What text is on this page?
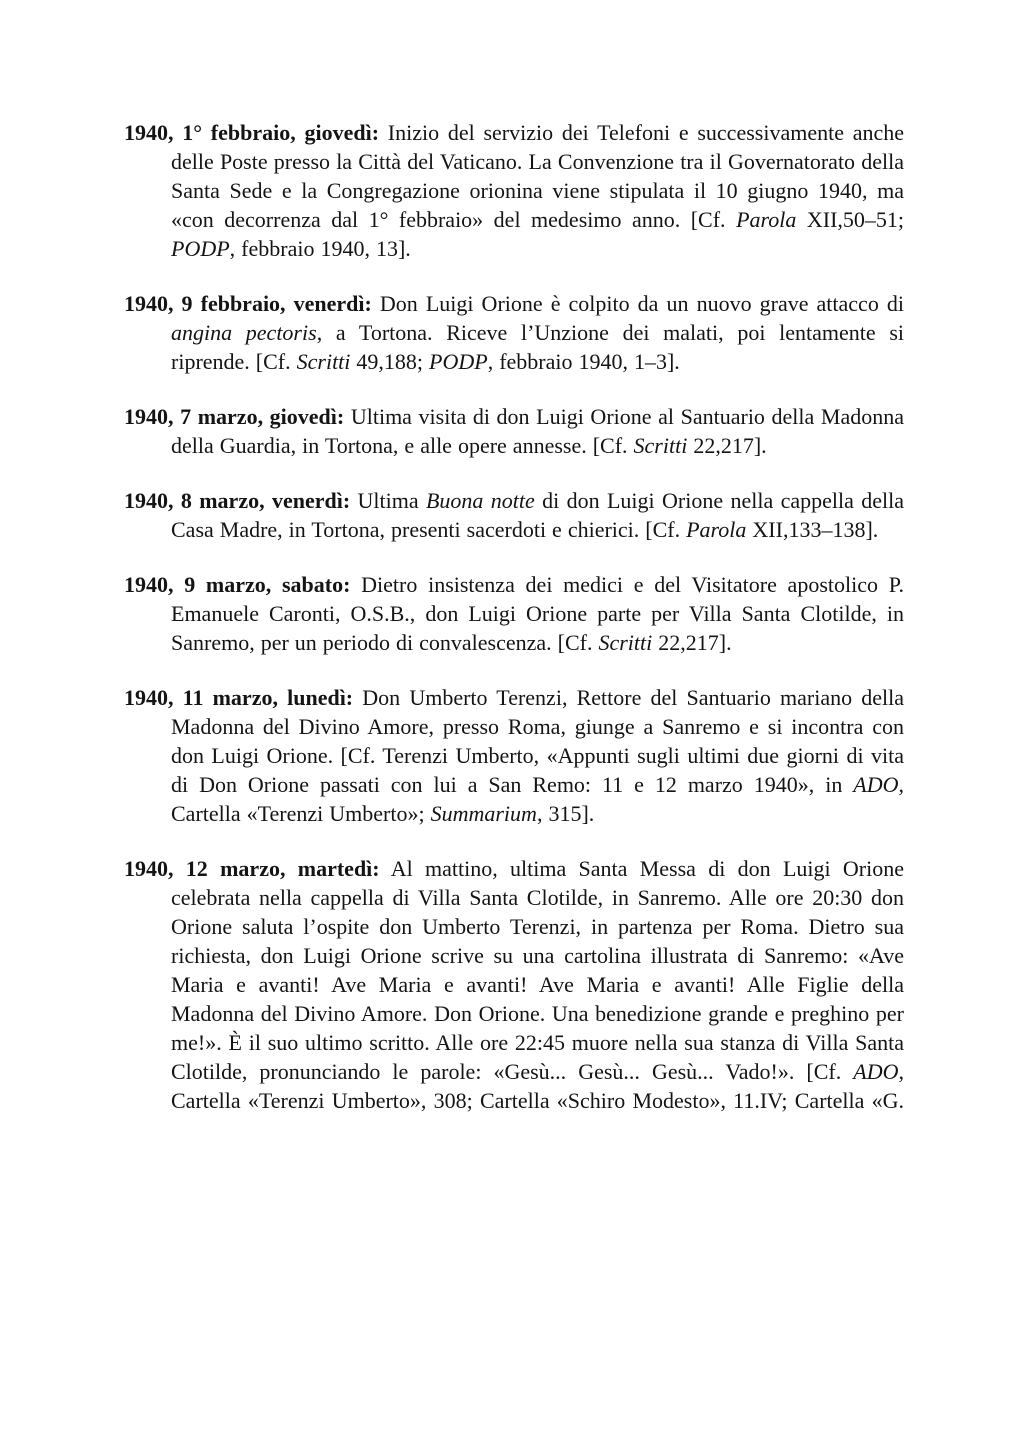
1940, 1° febbraio, giovedì: Inizio del servizio dei Telefoni e successivamente anche delle Poste presso la Città del Vaticano. La Convenzione tra il Governatorato della Santa Sede e la Congregazione orionina viene stipulata il 10 giugno 1940, ma «con decorrenza dal 1° febbraio» del medesimo anno. [Cf. Parola XII,50–51; PODP, febbraio 1940, 13].

1940, 9 febbraio, venerdì: Don Luigi Orione è colpito da un nuovo grave attacco di angina pectoris, a Tortona. Riceve l’Unzione dei malati, poi lentamente si riprende. [Cf. Scritti 49,188; PODP, febbraio 1940, 1–3].

1940, 7 marzo, giovedì: Ultima visita di don Luigi Orione al Santuario della Madonna della Guardia, in Tortona, e alle opere annesse. [Cf. Scritti 22,217].

1940, 8 marzo, venerdì: Ultima Buona notte di don Luigi Orione nella cappella della Casa Madre, in Tortona, presenti sacerdoti e chierici. [Cf. Parola XII,133–138].

1940, 9 marzo, sabato: Dietro insistenza dei medici e del Visitatore apostolico P. Emanuele Caronti, O.S.B., don Luigi Orione parte per Villa Santa Clotilde, in Sanremo, per un periodo di convalescenza. [Cf. Scritti 22,217].

1940, 11 marzo, lunedì: Don Umberto Terenzi, Rettore del Santuario mariano della Madonna del Divino Amore, presso Roma, giunge a Sanremo e si incontra con don Luigi Orione. [Cf. Terenzi Umberto, «Appunti sugli ultimi due giorni di vita di Don Orione passati con lui a San Remo: 11 e 12 marzo 1940», in ADO, Cartella «Terenzi Umberto»; Summarium, 315].

1940, 12 marzo, martedì: Al mattino, ultima Santa Messa di don Luigi Orione celebrata nella cappella di Villa Santa Clotilde, in Sanremo. Alle ore 20:30 don Orione saluta l’ospite don Umberto Terenzi, in partenza per Roma. Dietro sua richiesta, don Luigi Orione scrive su una cartolina illustrata di Sanremo: «Ave Maria e avanti! Ave Maria e avanti! Ave Maria e avanti! Alle Figlie della Madonna del Divino Amore. Don Orione. Una benedizione grande e preghino per me!». È il suo ultimo scritto. Alle ore 22:45 muore nella sua stanza di Villa Santa Clotilde, pronunciando le parole: «Gesù... Gesù... Gesù... Vado!». [Cf. ADO, Cartella «Terenzi Umberto», 308; Cartella «Schiro Modesto», 11.IV; Cartella «G.
